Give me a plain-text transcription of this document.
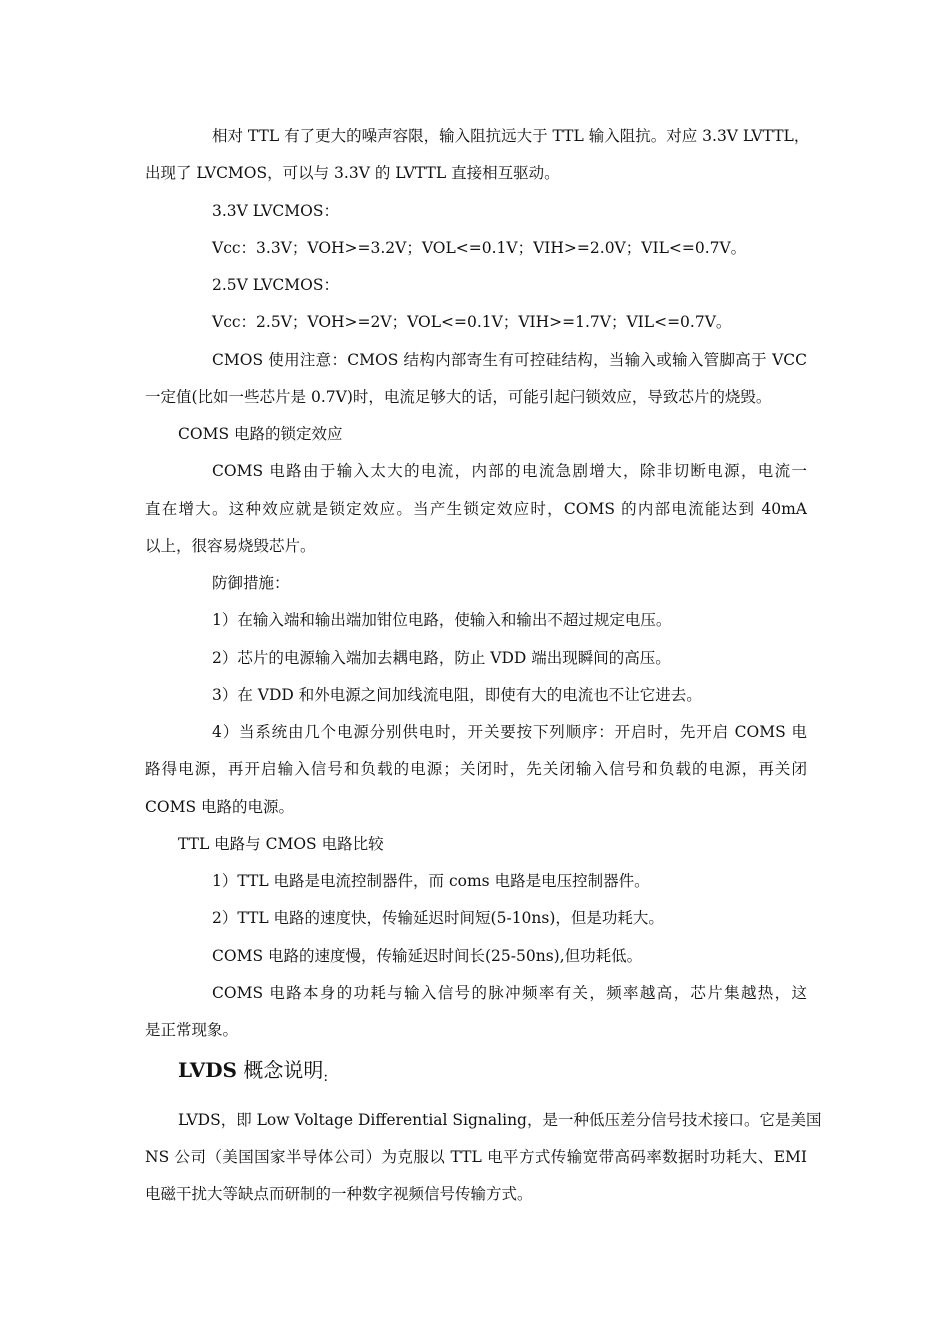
相对 TTL 有了更大的噪声容限，输入阻抗远大于 TTL 输入阻抗。对应 3.3V LVTTL，
出现了 LVCMOS，可以与 3.3V 的 LVTTL 直接相互驱动。
3.3V LVCMOS：
Vcc：3.3V；VOH>=3.2V；VOL<=0.1V；VIH>=2.0V；VIL<=0.7V。
2.5V LVCMOS：
Vcc：2.5V；VOH>=2V；VOL<=0.1V；VIH>=1.7V；VIL<=0.7V。
CMOS 使用注意：CMOS 结构内部寄生有可控硅结构，当输入或输入管脚高于 VCC
一定值(比如一些芯片是 0.7V)时，电流足够大的话，可能引起闩锁效应，导致芯片的烧毁。
COMS 电路的锁定效应
COMS 电路由于输入太大的电流，内部的电流急剧增大，除非切断电源，电流一
直在增大。这种效应就是锁定效应。当产生锁定效应时，COMS 的内部电流能达到 40mA
以上，很容易烧毁芯片。
防御措施：
1）在输入端和输出端加钳位电路，使输入和输出不超过规定电压。
2）芯片的电源输入端加去耦电路，防止 VDD 端出现瞬间的高压。
3）在 VDD 和外电源之间加线流电阻，即使有大的电流也不让它进去。
4）当系统由几个电源分别供电时，开关要按下列顺序：开启时，先开启 COMS 电
路得电源，再开启输入信号和负载的电源；关闭时，先关闭输入信号和负载的电源，再关闭
COMS 电路的电源。
TTL 电路与 CMOS 电路比较
1）TTL 电路是电流控制器件，而 coms 电路是电压控制器件。
2）TTL 电路的速度快，传输延迟时间短(5-10ns)，但是功耗大。
COMS 电路的速度慢，传输延迟时间长(25-50ns),但功耗低。
COMS 电路本身的功耗与输入信号的脉冲频率有关，频率越高，芯片集越热，这
是正常现象。
LVDS 概念说明$_:$
LVDS，即 Low Voltage Differential Signaling，是一种低压差分信号技术接口。它是美国
NS 公司（美国国家半导体公司）为克服以 TTL 电平方式传输宽带高码率数据时功耗大、EMI
电磁干扰大等缺点而研制的一种数字视频信号传输方式。
